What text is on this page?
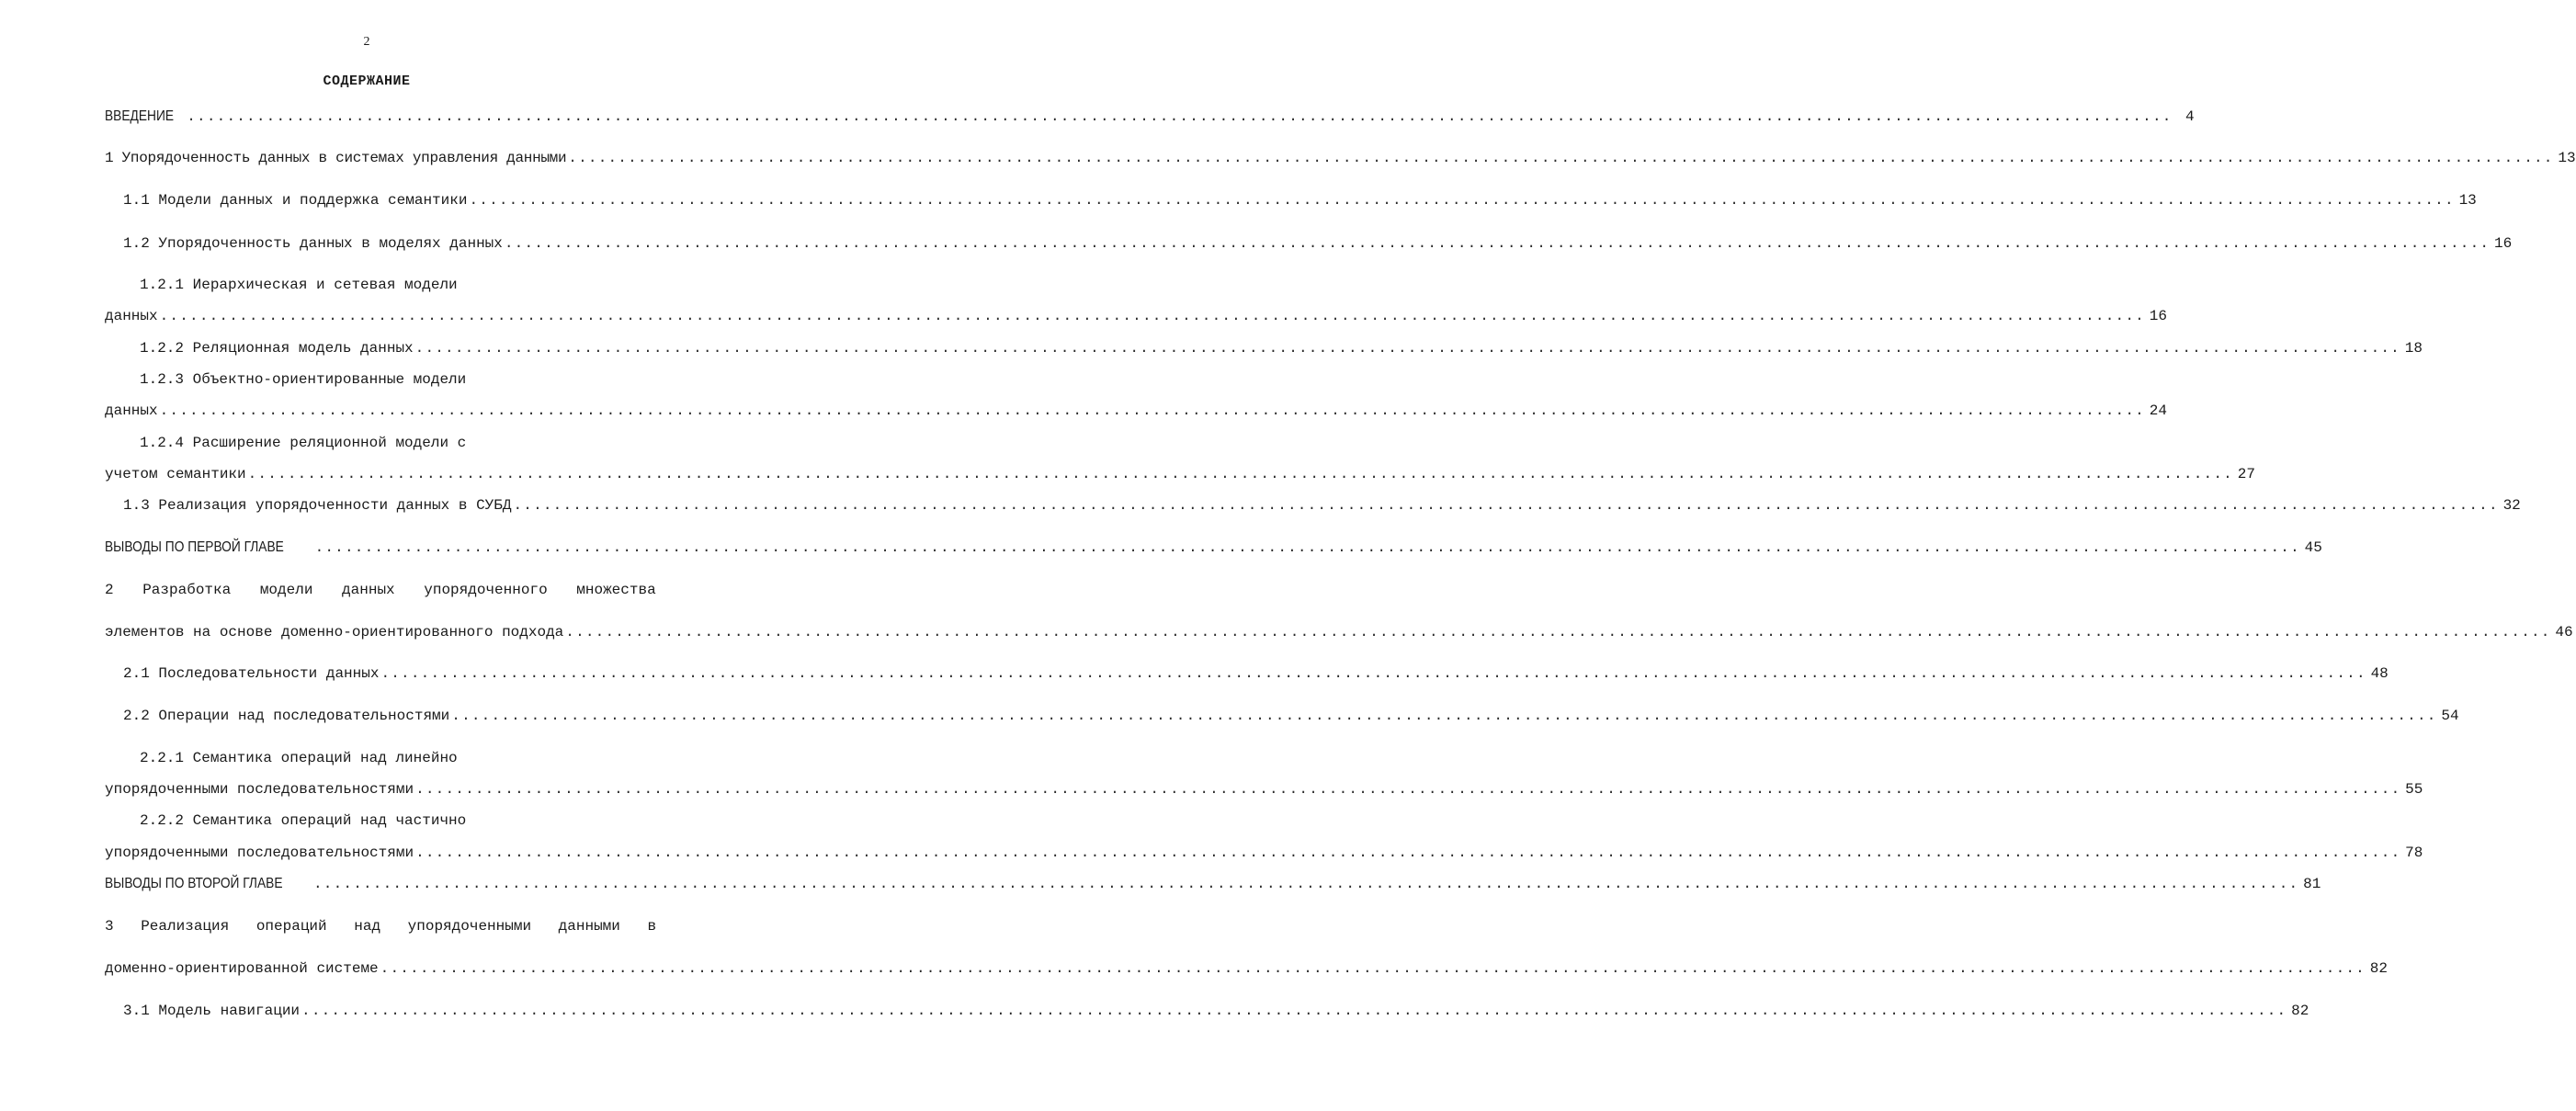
2
СОДЕРЖАНИЕ
ВВЕДЕНИЕ ........................................................................................................................................................................................................ 4
1 Упорядоченность данных в системах управления данными ........................................................................................................................................................................................................ 13
1.1 Модели данных и поддержка семантики ........................................................................................................................................................................................................ 13
1.2 Упорядоченность данных в моделях данных ........................................................................................................................................................................................................ 16
1.2.1 Иерархическая и сетевая модели
данных ........................................................................................................................................................................................................ 16
1.2.2 Реляционная модель данных ........................................................................................................................................................................................................ 18
1.2.3 Объектно-ориентированные модели
данных ........................................................................................................................................................................................................ 24
1.2.4 Расширение реляционной модели с
учетом семантики ........................................................................................................................................................................................................ 27
1.3 Реализация упорядоченности данных в СУБД ........................................................................................................................................................................................................ 32
ВЫВОДЫ ПО ПЕРВОЙ ГЛАВЕ ........................................................................................................................................................................................................ 45
2 Разработка модели данных упорядоченного множества
элементов на основе доменно-ориентированного подхода ........................................................................................................................................................................................................ 46
2.1 Последовательности данных ........................................................................................................................................................................................................ 48
2.2 Операции над последовательностями ........................................................................................................................................................................................................ 54
2.2.1 Семантика операций над линейно
упорядоченными последовательностями ........................................................................................................................................................................................................ 55
2.2.2 Семантика операций над частично
упорядоченными последовательностями ........................................................................................................................................................................................................ 78
ВЫВОДЫ ПО ВТОРОЙ ГЛАВЕ ........................................................................................................................................................................................................ 81
3 Реализация операций над упорядоченными данными в
доменно-ориентированной системе ........................................................................................................................................................................................................ 82
3.1 Модель навигации ........................................................................................................................................................................................................ 82
